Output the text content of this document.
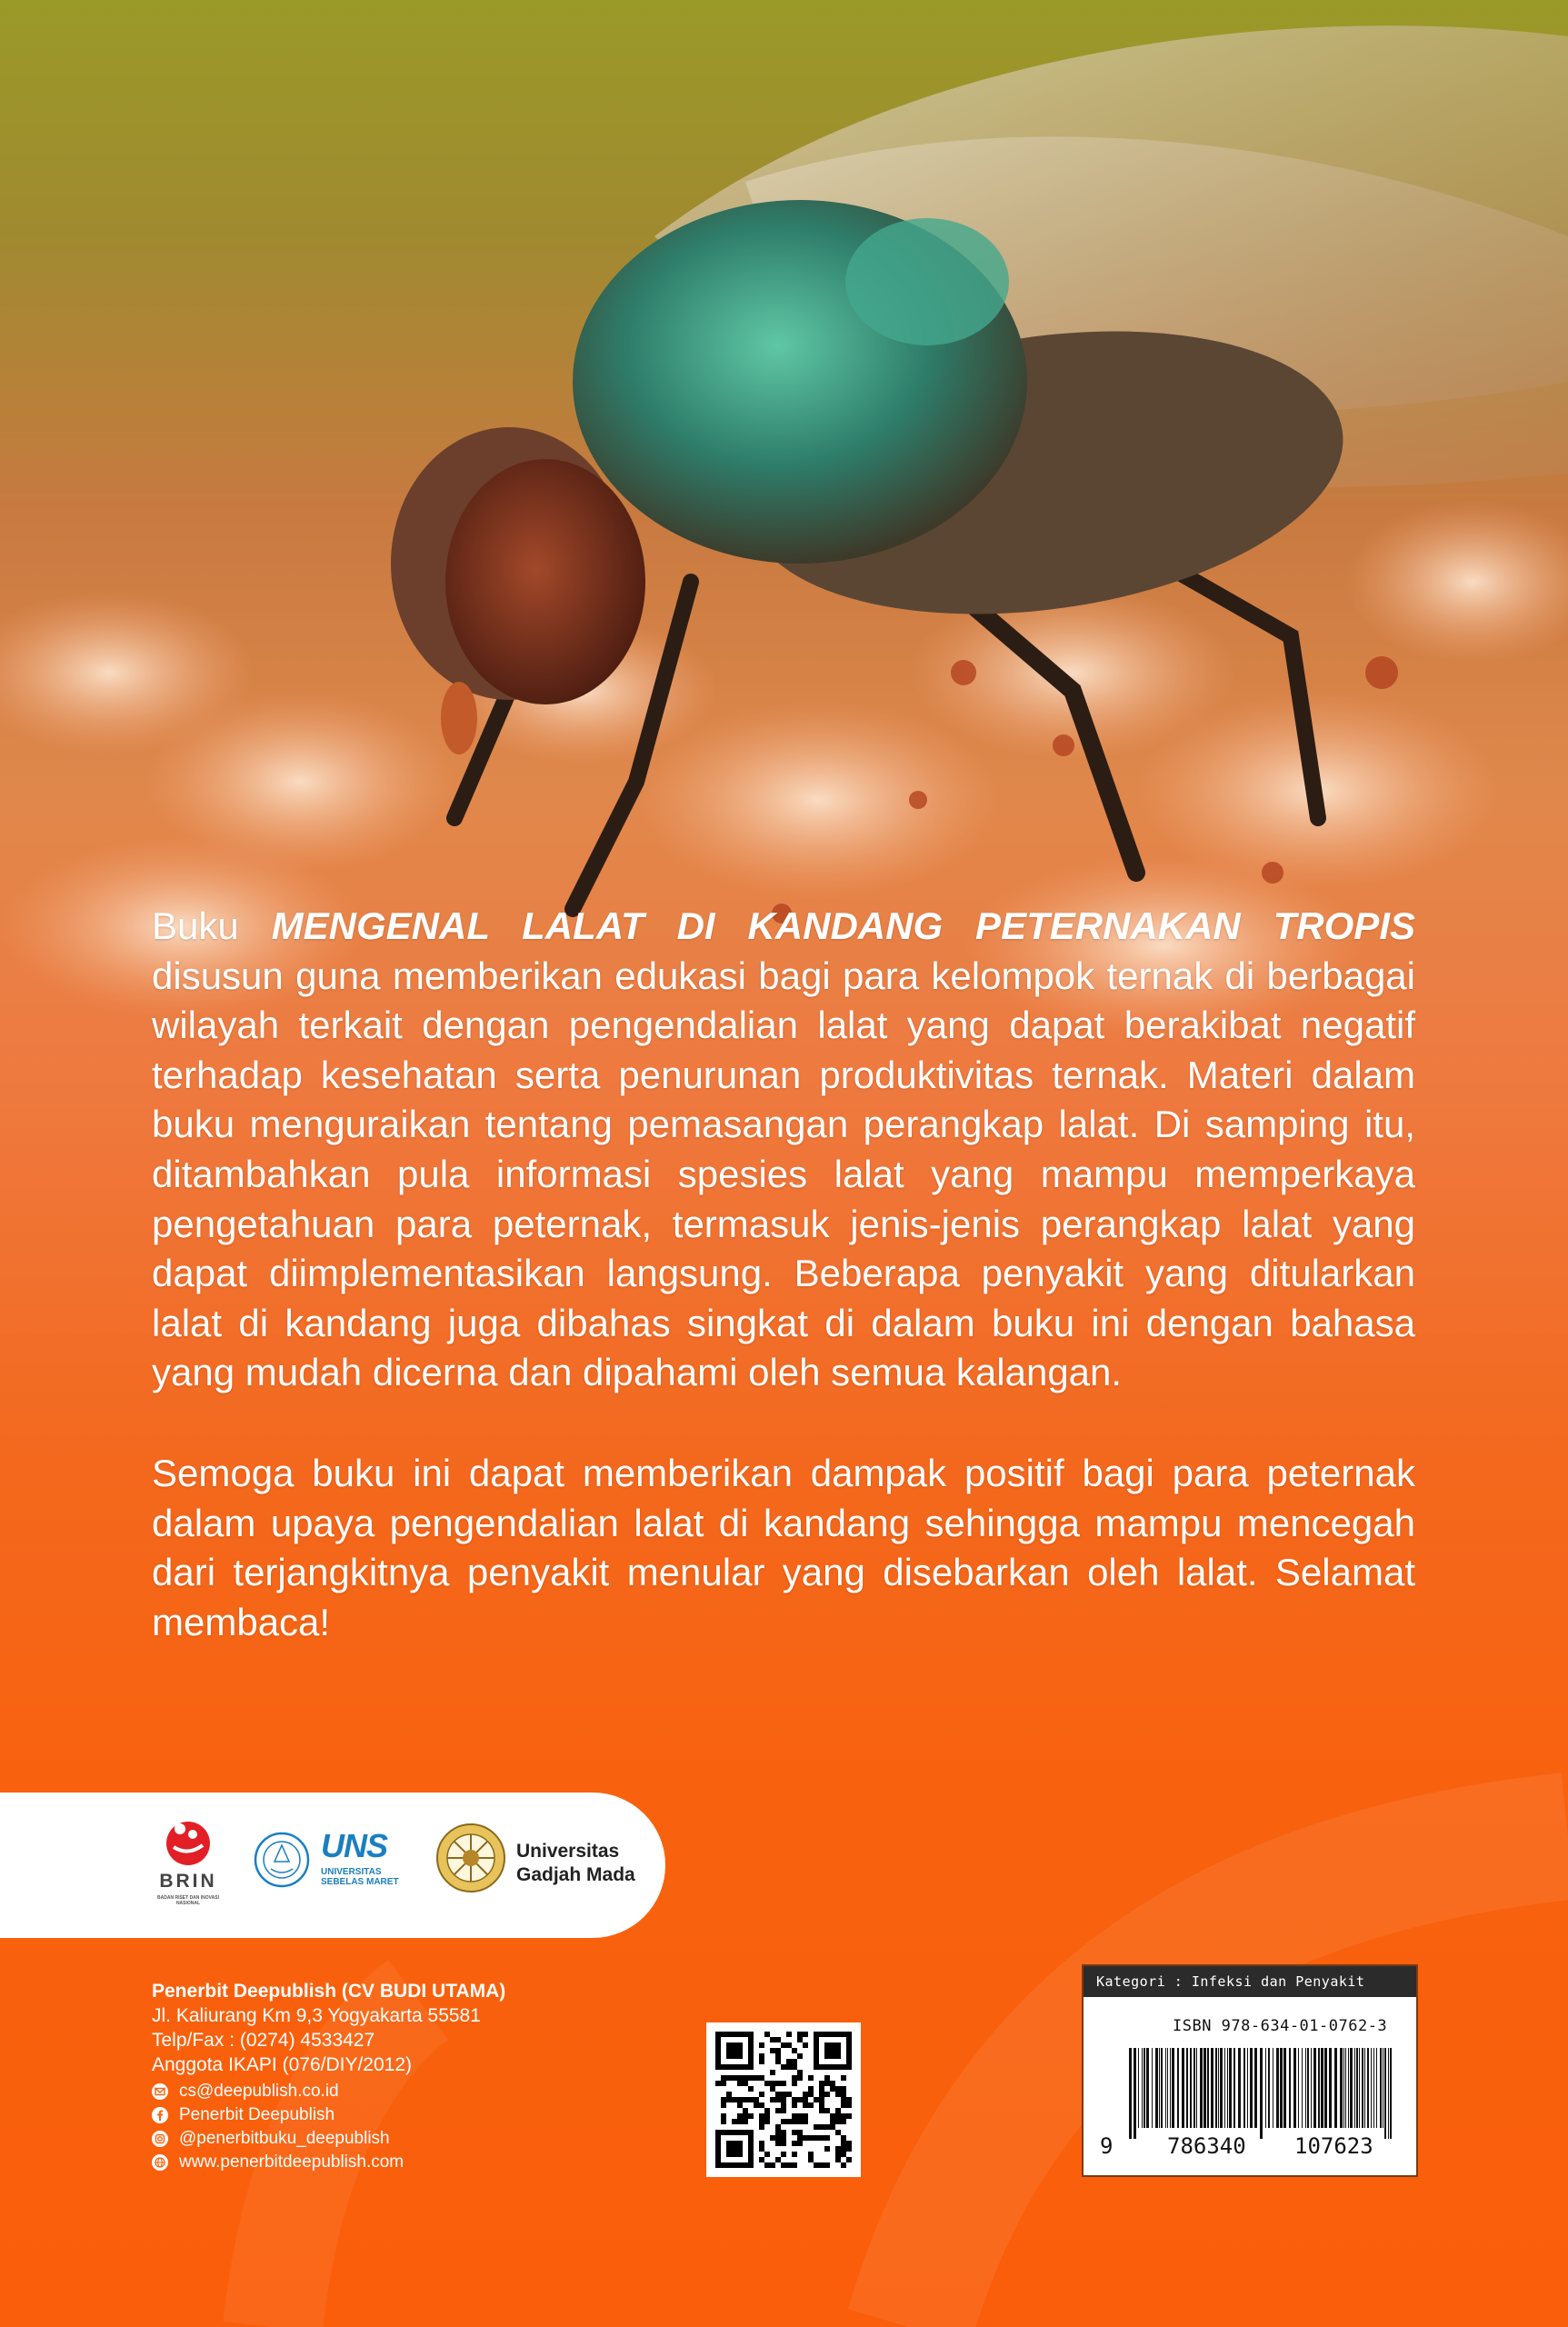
Buku MENGENAL LALAT DI KANDANG PETERNAKAN TROPIS disusun guna memberikan edukasi bagi para kelompok ternak di berbagai wilayah terkait dengan pengendalian lalat yang dapat berakibat negatif terhadap kesehatan serta penurunan produktivitas ternak. Materi dalam buku menguraikan tentang pemasangan perangkap lalat. Di samping itu, ditambahkan pula informasi spesies lalat yang mampu memperkaya pengetahuan para peternak, termasuk jenis-jenis perangkap lalat yang dapat diimplementasikan langsung. Beberapa penyakit yang ditularkan lalat di kandang juga dibahas singkat di dalam buku ini dengan bahasa yang mudah dicerna dan dipahami oleh semua kalangan.

Semoga buku ini dapat memberikan dampak positif bagi para peternak dalam upaya pengendalian lalat di kandang sehingga mampu mencegah dari terjangkitnya penyakit menular yang disebarkan oleh lalat. Selamat membaca!

BRIN
BADAN RISET DAN INOVASI NASIONAL
UNS
UNIVERSITAS
SEBELAS MARET
Universitas
Gadjah Mada
Penerbit Deepublish (CV BUDI UTAMA)
Jl. Kaliurang Km 9,3 Yogyakarta 55581
Telp/Fax : (0274) 4533427
Anggota IKAPI (076/DIY/2012)
cs@deepublish.co.id
Penerbit Deepublish
@penerbitbuku_deepublish
www.penerbitdeepublish.com
Kategori : Infeksi dan Penyakit
ISBN 978-634-01-0762-3
9 786340 107623
